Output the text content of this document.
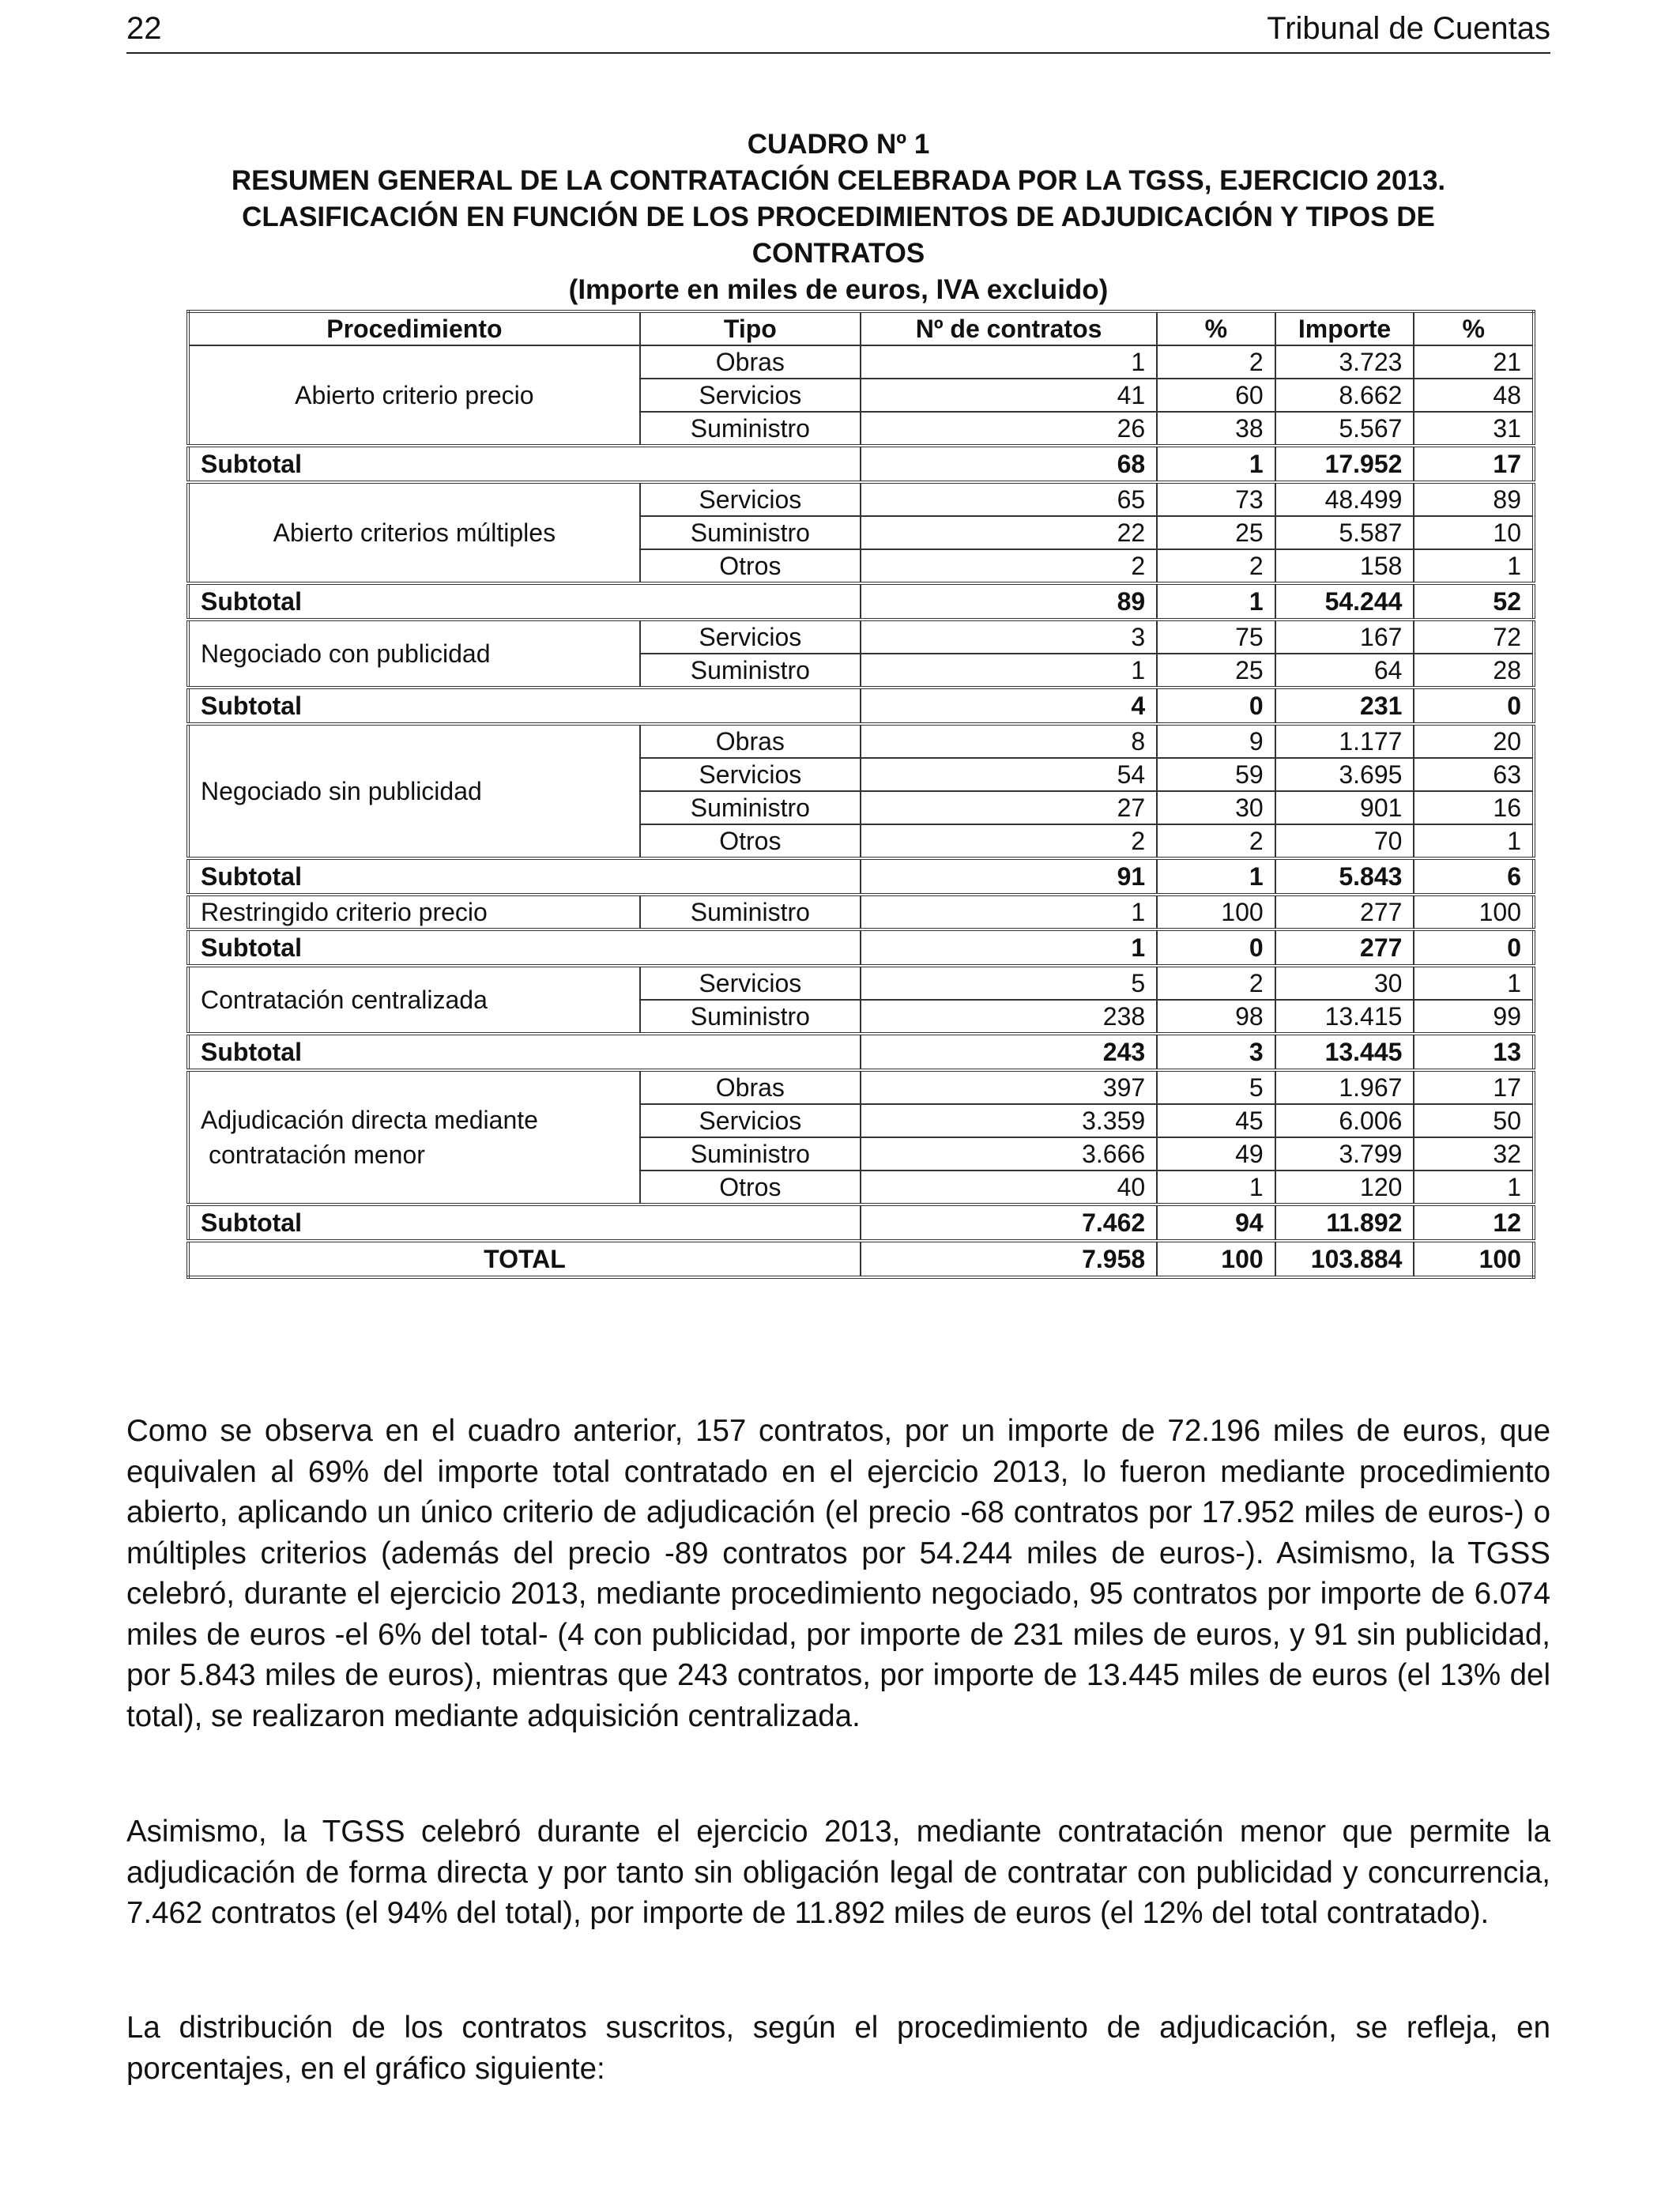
22	Tribunal de Cuentas
CUADRO Nº 1
RESUMEN GENERAL DE LA CONTRATACIÓN CELEBRADA POR LA TGSS, EJERCICIO 2013.
CLASIFICACIÓN EN FUNCIÓN DE LOS PROCEDIMIENTOS DE ADJUDICACIÓN Y TIPOS DE
CONTRATOS
(Importe en miles de euros, IVA excluido)
Procedimiento	Tipo	Nº de contratos	%	Importe	%
Abierto criterio precio	Obras	1	2	3.723	21
	Servicios	41	60	8.662	48
	Suministro	26	38	5.567	31
Subtotal		68	1	17.952	17
Abierto criterios múltiples	Servicios	65	73	48.499	89
	Suministro	22	25	5.587	10
	Otros	2	2	158	1
Subtotal		89	1	54.244	52
Negociado con publicidad	Servicios	3	75	167	72
	Suministro	1	25	64	28
Subtotal		4	0	231	0
Negociado sin publicidad	Obras	8	9	1.177	20
	Servicios	54	59	3.695	63
	Suministro	27	30	901	16
	Otros	2	2	70	1
Subtotal		91	1	5.843	6
Restringido criterio precio	Suministro	1	100	277	100
Subtotal		1	0	277	0
Contratación centralizada	Servicios	5	2	30	1
	Suministro	238	98	13.415	99
Subtotal		243	3	13.445	13

Adjudicación directa mediante
contratación menor	Obras	397	5	1.967	17
	Servicios	3.359	45	6.006	50
	Suministro	3.666	49	3.799	32
	Otros	40	1	120	1
Subtotal		7.462	94	11.892	12
TOTAL		7.958	100	103.884	100
Como se observa en el cuadro anterior, 157 contratos, por un importe de 72.196 miles de euros, que equivalen al 69% del importe total contratado en el ejercicio 2013, lo fueron mediante procedimiento abierto, aplicando un único criterio de adjudicación (el precio -68 contratos por 17.952 miles de euros-) o múltiples criterios (además del precio -89 contratos por 54.244 miles de euros-). Asimismo, la TGSS celebró, durante el ejercicio 2013, mediante procedimiento negociado, 95 contratos por importe de 6.074 miles de euros -el 6% del total- (4 con publicidad, por importe de 231 miles de euros, y 91 sin publicidad, por 5.843 miles de euros), mientras que 243 contratos, por importe de 13.445 miles de euros (el 13% del total), se realizaron mediante adquisición centralizada.
Asimismo, la TGSS celebró durante el ejercicio 2013, mediante contratación menor que permite la adjudicación de forma directa y por tanto sin obligación legal de contratar con publicidad y concurrencia, 7.462 contratos (el 94% del total), por importe de 11.892 miles de euros (el 12% del total contratado).
La distribución de los contratos suscritos, según el procedimiento de adjudicación, se refleja, en porcentajes, en el gráfico siguiente:
